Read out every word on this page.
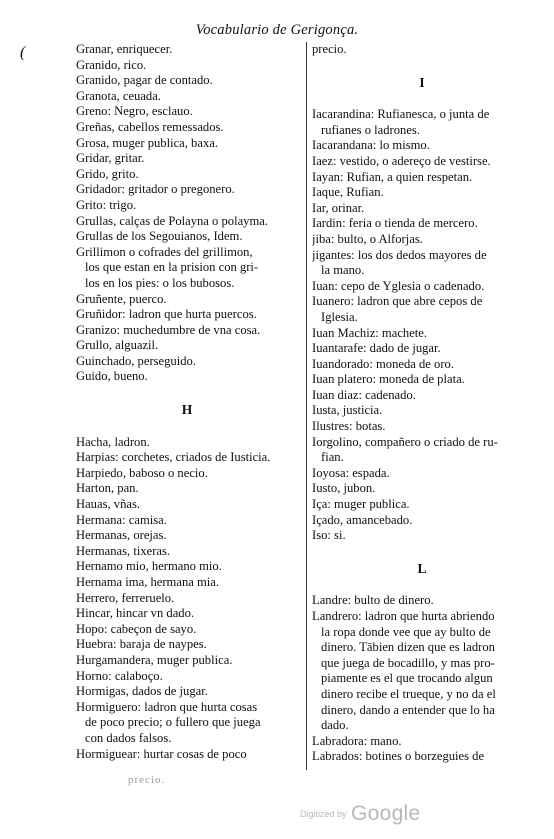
Vocabulario de Gerigonça.
(	Granar, enriquecer.
Granido, rico.
Granido, pagar de contado.
Granota, ceuada.
Greno: Negro, esclauo.
Greñas, cabellos remessados.
Grosa, muger publica, baxa.
Gridar, gritar.
Grido, grito.
Gridador: gritador o pregonero.
Grito: trigo.
Grullas, calças de Polayna o polayma.
Grullas de los Segouianos, Idem.
Grillimon o cofrades del grillimon,
los que estan en la prision con gri-
los en los pies: o los bubosos.
Gruñente, puerco.
Gruñidor: ladron que hurta puercos.
Granizo: muchedumbre de vna cosa.
Grullo, alguazil.
Guinchado, perseguido.
Guido, bueno.
H
Hacha, ladron.
Harpias: corchetes, criados de Iusticia.
Harpiedo, baboso o necio.
Harton, pan.
Hauas, vñas.
Hermana: camisa.
Hermanas, orejas.
Hermanas, tixeras.
Hernamo mio, hermano mio.
Hernama ima, hermana mia.
Herrero, ferreruelo.
Hincar, hincar vn dado.
Hopo: cabeçon de sayo.
Huebra: baraja de naypes.
Hurgamandera, muger publica.
Horno: calaboço.
Hormigas, dados de jugar.
Hormiguero: ladron que hurta cosas
de poco precio; o fullero que juega
con dados falsos.
Hormiguear: hurtar cosas de poco
precio.
I
Iacarandina: Rufianesca, o junta de
rufianes o ladrones.
Iacarandana: lo mismo.
Iaez: vestido, o adereço de vestirse.
Iayan: Rufian, a quien respetan.
Iaque, Rufian.
Iar, orinar.
Iardin: feria o tienda de mercero.
jiba: bulto, o Alforjas.
jigantes: los dos dedos mayores de
la mano.
Iuan: cepo de Yglesia o cadenado.
Iuanero: ladron que abre cepos de
Iglesia.
Iuan Machiz: machete.
Iuantarafe: dado de jugar.
Iuandorado: moneda de oro.
Iuan platero: moneda de plata.
Iuan diaz: cadenado.
Iusta, justicia.
Ilustres: botas.
Iorgolino, compañero o criado de ru-
fian.
Ioyosa: espada.
Iusto, jubon.
Iça: muger publica.
Içado, amancebado.
Iso: si.
L
Landre: bulto de dinero.
Landrero: ladron que hurta abriendo
la ropa donde vee que ay bulto de
dinero. Tābien dizen que es ladron
que juega de bocadillo, y mas pro-
piamente es el que trocando algun
dinero recibe el trueque, y no da el
dinero, dando a entender que lo ha
dado.
Labradora: mano.
Labrados: botines o borzeguies de
precio.
Digitized by Google
